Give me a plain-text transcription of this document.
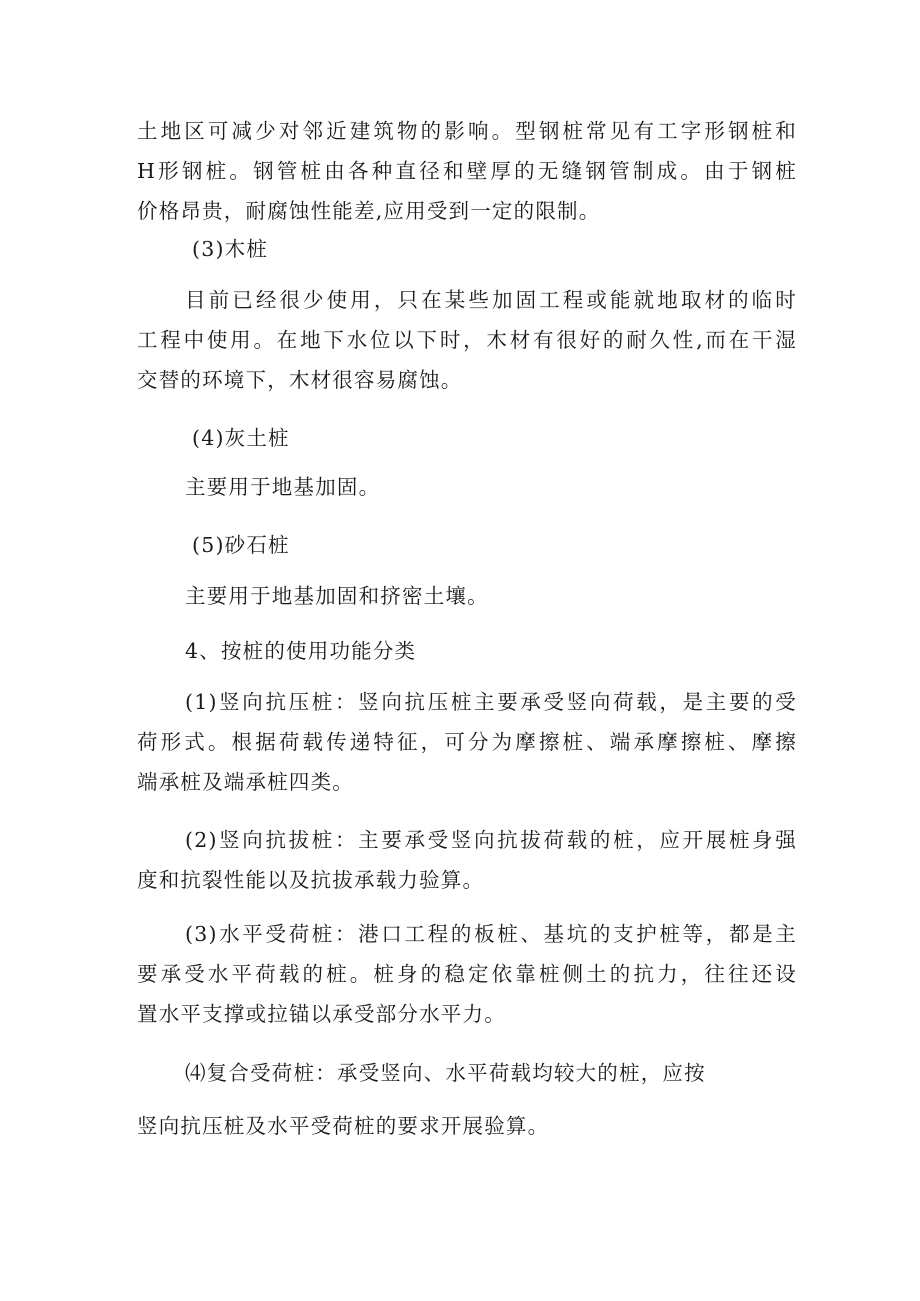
土地区可减少对邻近建筑物的影响。型钢桩常见有工字形钢桩和
H形钢桩。钢管桩由各种直径和壁厚的无缝钢管制成。由于钢桩
价格昂贵，耐腐蚀性能差,应用受到一定的限制。
(3)木桩
目前已经很少使用，只在某些加固工程或能就地取材的临时
工程中使用。在地下水位以下时，木材有很好的耐久性,而在干湿
交替的环境下，木材很容易腐蚀。
(4)灰土桩
主要用于地基加固。
(5)砂石桩
主要用于地基加固和挤密土壤。
4、按桩的使用功能分类
(1)竖向抗压桩：竖向抗压桩主要承受竖向荷载，是主要的受
荷形式。根据荷载传递特征，可分为摩擦桩、端承摩擦桩、摩擦
端承桩及端承桩四类。
(2)竖向抗拔桩：主要承受竖向抗拔荷载的桩，应开展桩身强
度和抗裂性能以及抗拔承载力验算。
(3)水平受荷桩：港口工程的板桩、基坑的支护桩等，都是主
要承受水平荷载的桩。桩身的稳定依靠桩侧土的抗力，往往还设
置水平支撑或拉锚以承受部分水平力。
⑷复合受荷桩：承受竖向、水平荷载均较大的桩，应按
竖向抗压桩及水平受荷桩的要求开展验算。
